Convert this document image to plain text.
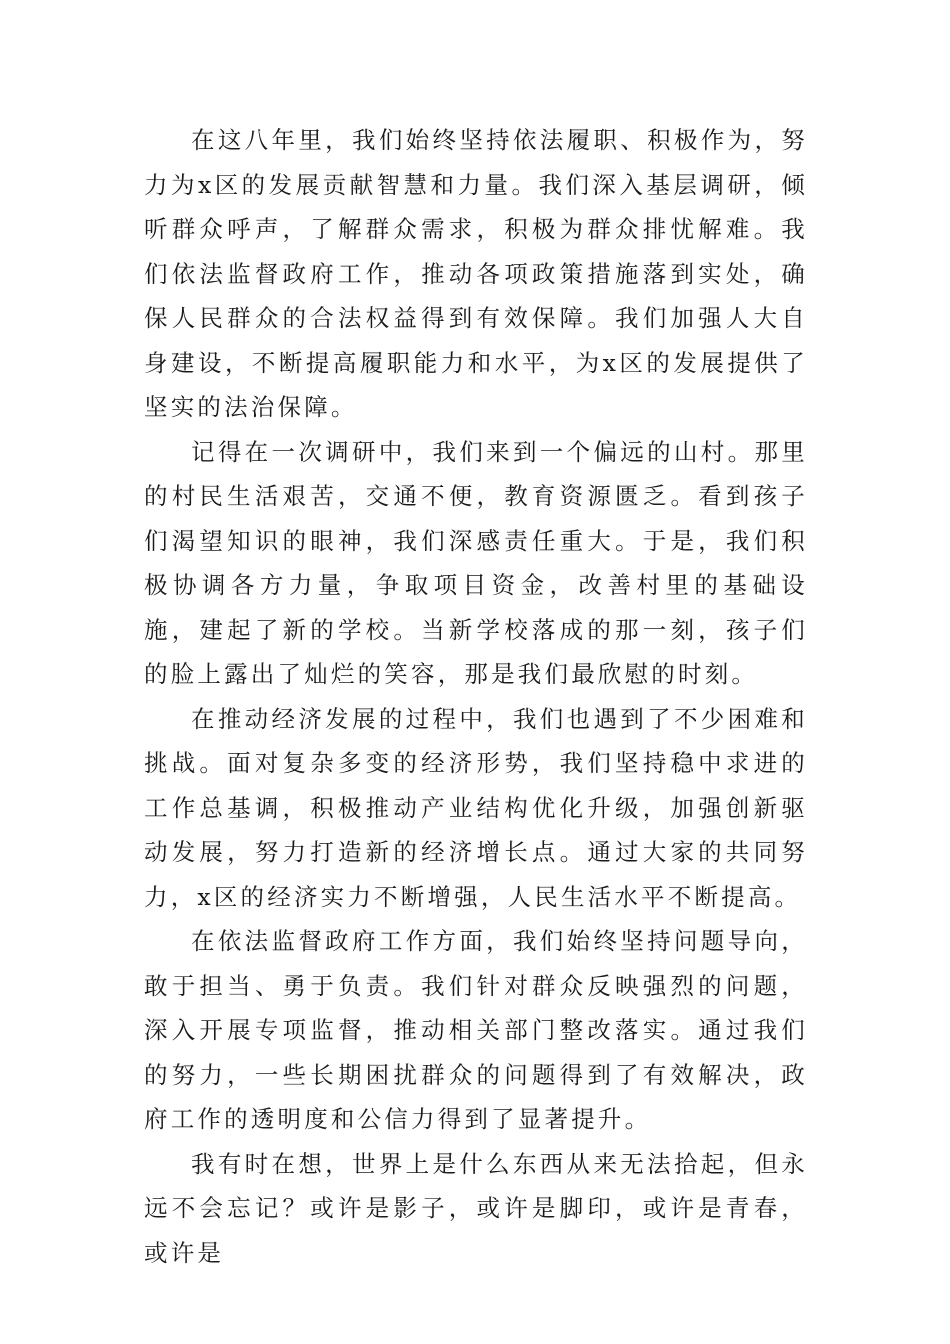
在这八年里，我们始终坚持依法履职、积极作为，努力为x区的发展贡献智慧和力量。我们深入基层调研，倾听群众呼声，了解群众需求，积极为群众排忧解难。我们依法监督政府工作，推动各项政策措施落到实处，确保人民群众的合法权益得到有效保障。我们加强人大自身建设，不断提高履职能力和水平，为x区的发展提供了坚实的法治保障。

记得在一次调研中，我们来到一个偏远的山村。那里的村民生活艰苦，交通不便，教育资源匮乏。看到孩子们渴望知识的眼神，我们深感责任重大。于是，我们积极协调各方力量，争取项目资金，改善村里的基础设施，建起了新的学校。当新学校落成的那一刻，孩子们的脸上露出了灿烂的笑容，那是我们最欣慰的时刻。

在推动经济发展的过程中，我们也遇到了不少困难和挑战。面对复杂多变的经济形势，我们坚持稳中求进的工作总基调，积极推动产业结构优化升级，加强创新驱动发展，努力打造新的经济增长点。通过大家的共同努力，x区的经济实力不断增强，人民生活水平不断提高。

在依法监督政府工作方面，我们始终坚持问题导向，敢于担当、勇于负责。我们针对群众反映强烈的问题，深入开展专项监督，推动相关部门整改落实。通过我们的努力，一些长期困扰群众的问题得到了有效解决，政府工作的透明度和公信力得到了显著提升。

我有时在想，世界上是什么东西从来无法拾起，但永远不会忘记？或许是影子，或许是脚印，或许是青春，或许是
